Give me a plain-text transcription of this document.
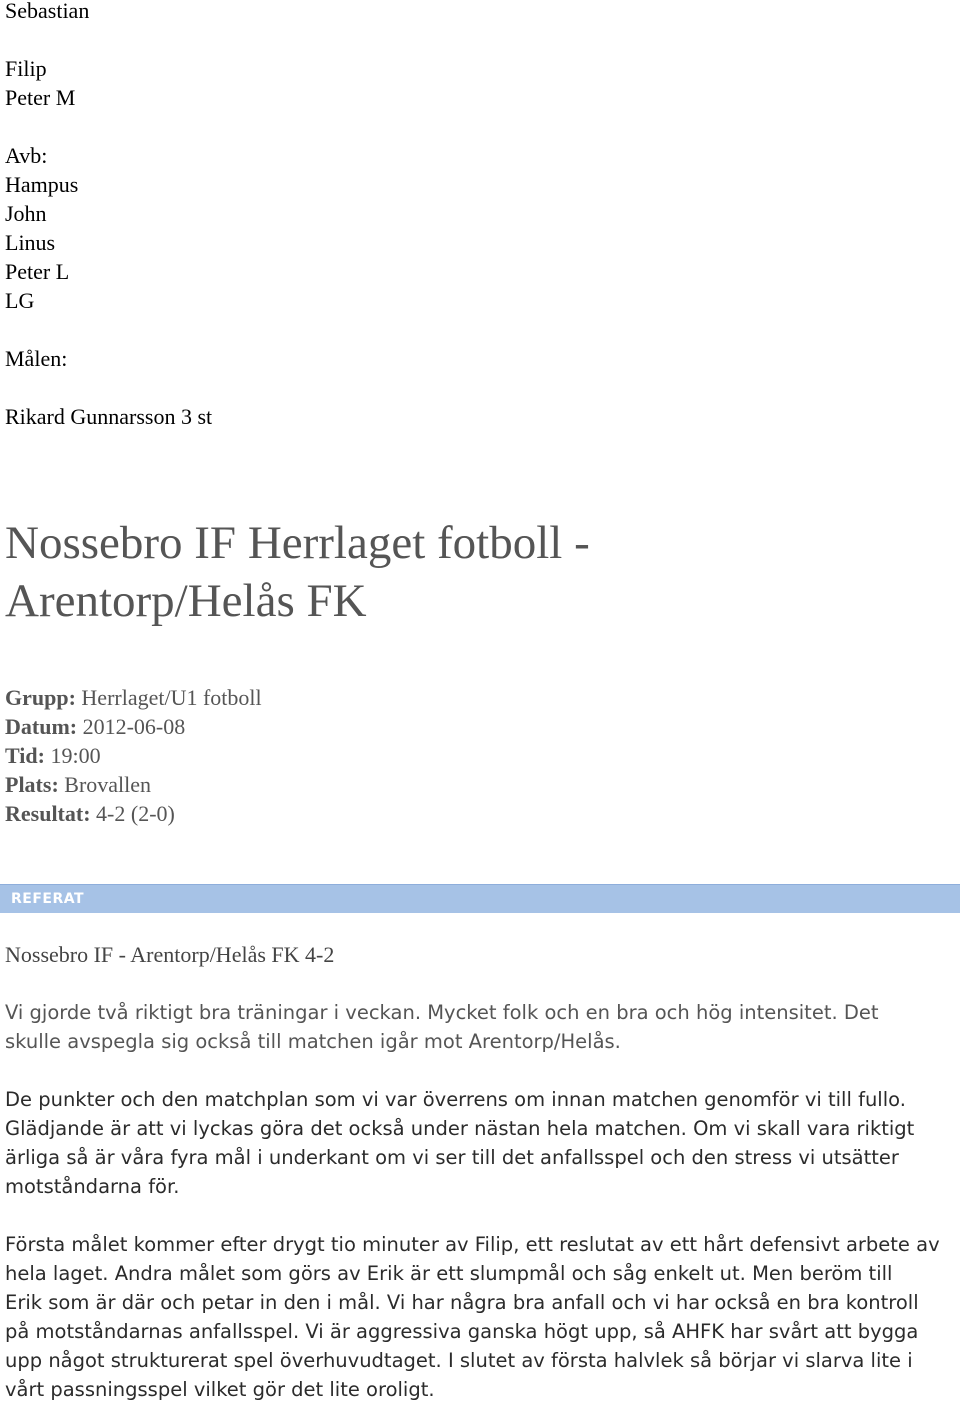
Sebastian
Filip
Peter M
Avb:
Hampus
John
Linus
Peter L
LG
Målen:
Rikard Gunnarsson 3 st
Nossebro IF Herrlaget fotboll -
Arentorp/Helås FK
Grupp: Herrlaget/U1 fotboll
Datum: 2012-06-08
Tid: 19:00
Plats: Brovallen
Resultat: 4-2 (2-0)
REFERAT
Nossebro IF - Arentorp/Helås FK 4-2

Vi gjorde två riktigt bra träningar i veckan. Mycket folk och en bra och hög intensitet. Det
skulle avspegla sig också till matchen igår mot Arentorp/Helås.

De punkter och den matchplan som vi var överrens om innan matchen genomför vi till fullo.
Glädjande är att vi lyckas göra det också under nästan hela matchen. Om vi skall vara riktigt
ärliga så är våra fyra mål i underkant om vi ser till det anfallsspel och den stress vi utsätter
motståndarna för.

Första målet kommer efter drygt tio minuter av Filip, ett reslutat av ett hårt defensivt arbete av
hela laget. Andra målet som görs av Erik är ett slumpmål och såg enkelt ut. Men beröm till
Erik som är där och petar in den i mål. Vi har några bra anfall och vi har också en bra kontroll
på motståndarnas anfallsspel. Vi är aggressiva ganska högt upp, så AHFK har svårt att bygga
upp något strukturerat spel överhuvudtaget. I slutet av första halvlek så börjar vi slarva lite i
vårt passningsspel vilket gör det lite oroligt.
